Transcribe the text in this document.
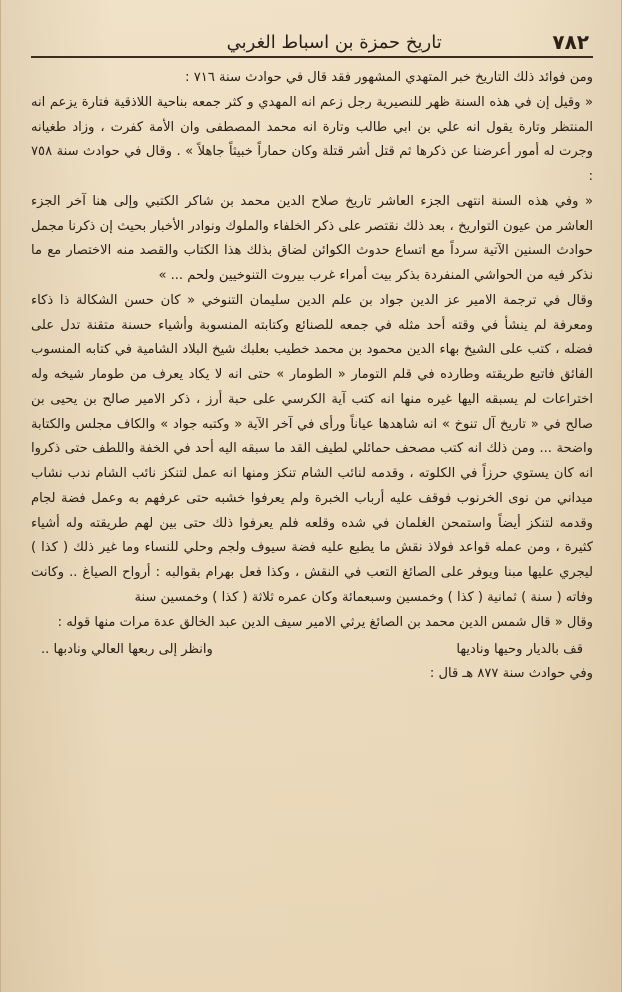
تاريخ حمزة بن اسباط الغربي	٧٨٢

ومن فوائد ذلك التاريخ خبر المتهدي المشهور فقد قال في حوادث سنة ٧١٦ :

« وقيل إن في هذه السنة ظهر للنصيرية رجل زعم انه المهدي و كثر جمعه بناحية اللاذقية فتارة يزعم انه المنتظر وتارة يقول انه علي بن ابي طالب وتارة انه محمد المصطفى وان الأمة كفرت ، وزاد طغيانه وجرت له أمور أعرضنا عن ذكرها ثم قتل أشر قتلة وكان حماراً خبيثاً جاهلاً » . وقال في حوادث سنة ٧٥٨ :

« وفي هذه السنة انتهى الجزء العاشر تاريخ صلاح الدين محمد بن شاكر الكتبي وإلى هنا آخر الجزء العاشر من عيون التواريخ ، بعد ذلك نقتصر على ذكر الخلفاء والملوك ونوادر الأخبار بحيث إن ذكرنا مجمل حوادث السنين الآتية سرداً مع اتساع حدوث الكوائن لضاق بذلك هذا الكتاب والقصد منه الاختصار مع ما نذكر فيه من الحواشي المنفردة بذكر بيت أمراء غرب بيروت التنوخيين ولحم ... »

وقال في ترجمة الامير عز الدين جواد بن علم الدين سليمان التنوخي « كان حسن الشكالة ذا ذكاء ومعرفة لم ينشأ في وقته أحد مثله في جمعه للصنائع وكتابته المنسوبة وأشياء حسنة متقنة تدل على فضله ، كتب على الشيخ بهاء الدين محمود بن محمد خطيب بعلبك شيخ البلاد الشامية في كتابه المنسوب الفائق فاتبع طريقته وطارده في قلم التومار « الطومار » حتى انه لا يكاد يعرف من طومار شيخه وله اختراعات لم يسبقه اليها غيره منها انه كتب آية الكرسي على حبة أرز ، ذكر الامير صالح بن يحيى بن صالح في « تاريخ آل تنوخ » انه شاهدها عياناً ورأى في آخر الآية « وكتبه جواد » والكاف مجلس والكتابة واضحة ... ومن ذلك انه كتب مصحف حمائلي لطيف القد ما سبقه اليه أحد في الخفة واللطف حتى ذكروا انه كان يستوي حرزاً في الكلوته ، وقدمه لنائب الشام تنكز ومنها انه عمل لتنكز نائب الشام ندب نشاب ميداني من نوى الخرنوب فوقف عليه أرباب الخبرة ولم يعرفوا خشبه حتى عرفهم به وعمل فضة لجام وقدمه لتنكز أيضاً واستمحن الغلمان في شده وقلعه فلم يعرفوا ذلك حتى بين لهم طريقته وله أشياء كثيرة ، ومن عمله قواعد فولاذ نقش ما يطبع عليه فضة سيوف ولجم وحلي للنساء وما غير ذلك ( كذا ) ليجري عليها مبنا ويوفر على الصائغ التعب في النقش ، وكذا فعل بهرام بقوالبه : أرواح الصياغ .. وكانت وفاته ( سنة ) ثمانية ( كذا ) وخمسين وسبعمائة وكان عمره ثلاثة ( كذا ) وخمسين سنة

وقال « قال شمس الدين محمد بن الصائغ يرثي الامير سيف الدين عبد الخالق عدة مرات منها قوله :

قف بالديار وحيها وناديها
وانظر إلى ربعها العالي ونادبها ..
وفي حوادث سنة ٨٧٧ هـ قال :
